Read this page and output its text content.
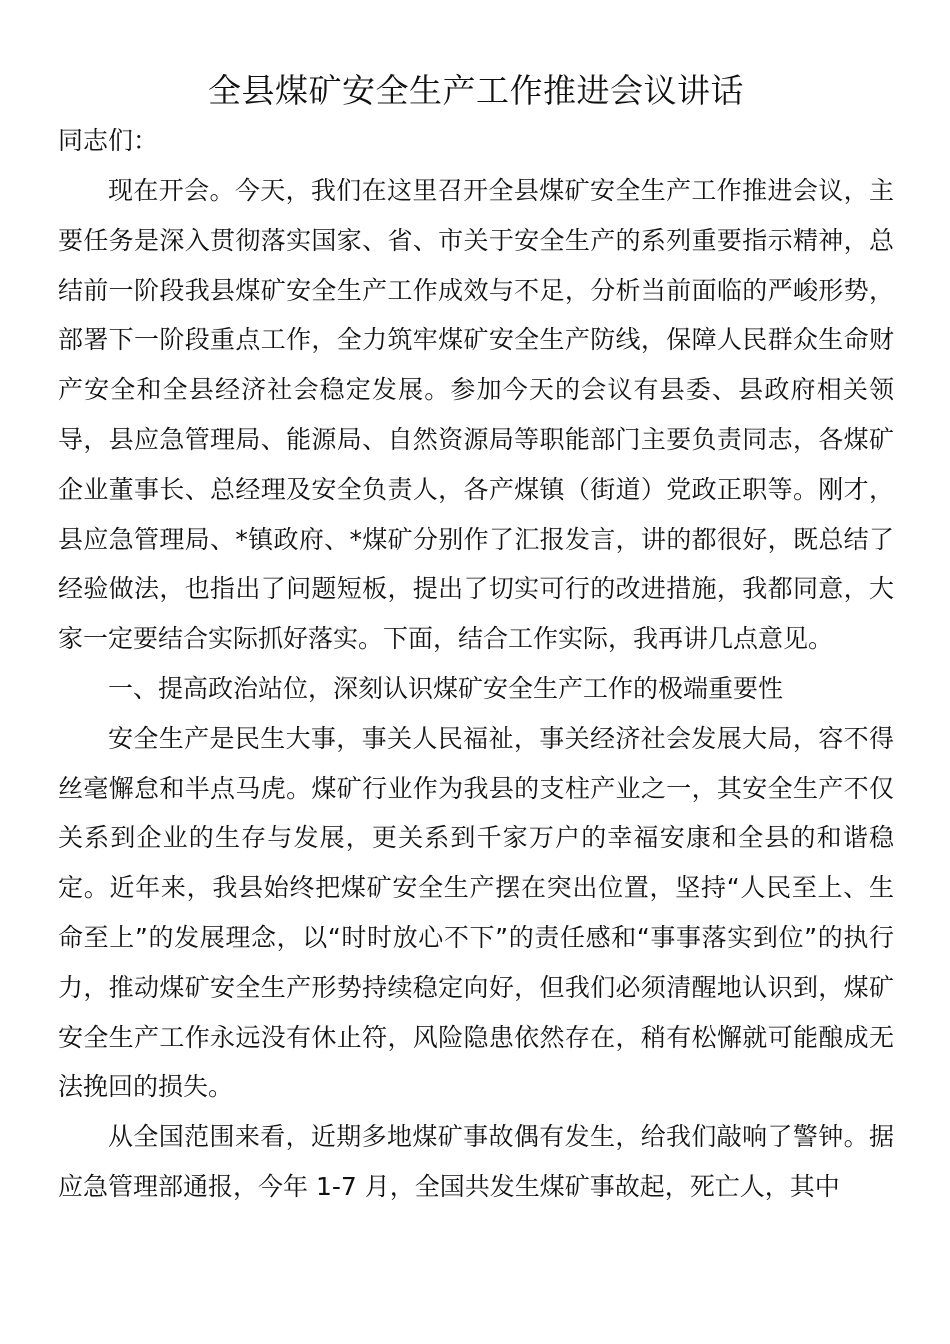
全县煤矿安全生产工作推进会议讲话

同志们：

现在开会。今天，我们在这里召开全县煤矿安全生产工作推进会议，主要任务是深入贯彻落实国家、省、市关于安全生产的系列重要指示精神，总结前一阶段我县煤矿安全生产工作成效与不足，分析当前面临的严峻形势，部署下一阶段重点工作，全力筑牢煤矿安全生产防线，保障人民群众生命财产安全和全县经济社会稳定发展。参加今天的会议有县委、县政府相关领导，县应急管理局、能源局、自然资源局等职能部门主要负责同志，各煤矿企业董事长、总经理及安全负责人，各产煤镇（街道）党政正职等。刚才，县应急管理局、*镇政府、*煤矿分别作了汇报发言，讲的都很好，既总结了经验做法，也指出了问题短板，提出了切实可行的改进措施，我都同意，大家一定要结合实际抓好落实。下面，结合工作实际，我再讲几点意见。

一、提高政治站位，深刻认识煤矿安全生产工作的极端重要性

安全生产是民生大事，事关人民福祉，事关经济社会发展大局，容不得丝毫懈怠和半点马虎。煤矿行业作为我县的支柱产业之一，其安全生产不仅关系到企业的生存与发展，更关系到千家万户的幸福安康和全县的和谐稳定。近年来，我县始终把煤矿安全生产摆在突出位置，坚持“人民至上、生命至上”的发展理念，以“时时放心不下”的责任感和“事事落实到位”的执行力，推动煤矿安全生产形势持续稳定向好，但我们必须清醒地认识到，煤矿安全生产工作永远没有休止符，风险隐患依然存在，稍有松懈就可能酿成无法挽回的损失。

从全国范围来看，近期多地煤矿事故偶有发生，给我们敲响了警钟。据应急管理部通报，今年 1-7 月，全国共发生煤矿事故起，死亡人，其中
